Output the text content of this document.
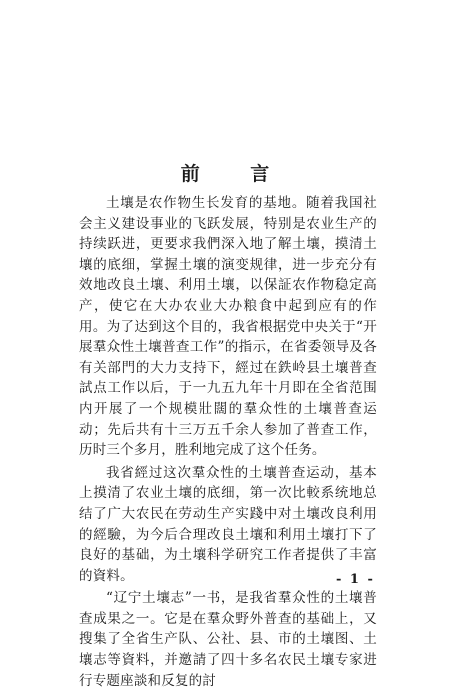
前 言

土壤是农作物生长发育的基地。随着我国社会主义建设事业的飞跃发展，特别是农业生产的持续跃进，更要求我們深入地了解土壤，摸清土壤的底细，掌握土壤的演变规律，进一步充分有效地改良土壤、利用土壤，以保証农作物稳定高产，使它在大办农业大办粮食中起到应有的作用。为了达到这个目的，我省根据党中央关于“开展羣众性土壤普查工作”的指示，在省委领导及各有关部門的大力支持下，經过在鉄岭县土壤普查試点工作以后，于一九五九年十月即在全省范围内开展了一个规模壯闊的羣众性的土壤普查运动；先后共有十三万五千余人参加了普查工作，历时三个多月，胜利地完成了这个任务。

我省經过这次羣众性的土壤普查运动，基本上摸清了农业土壤的底细，第一次比較系统地总结了广大农民在劳动生产实踐中对土壤改良利用的經驗，为今后合理改良土壤和利用土壤打下了良好的基础，为土壤科学研究工作者提供了丰富的資料。

“辽宁土壤志”一书，是我省羣众性的土壤普查成果之一。它是在羣众野外普查的基础上，又搜集了全省生产队、公社、县、市的土壤图、土壤志等資料，并邀請了四十多名农民土壤专家进行专题座談和反复的討

- 1 -
